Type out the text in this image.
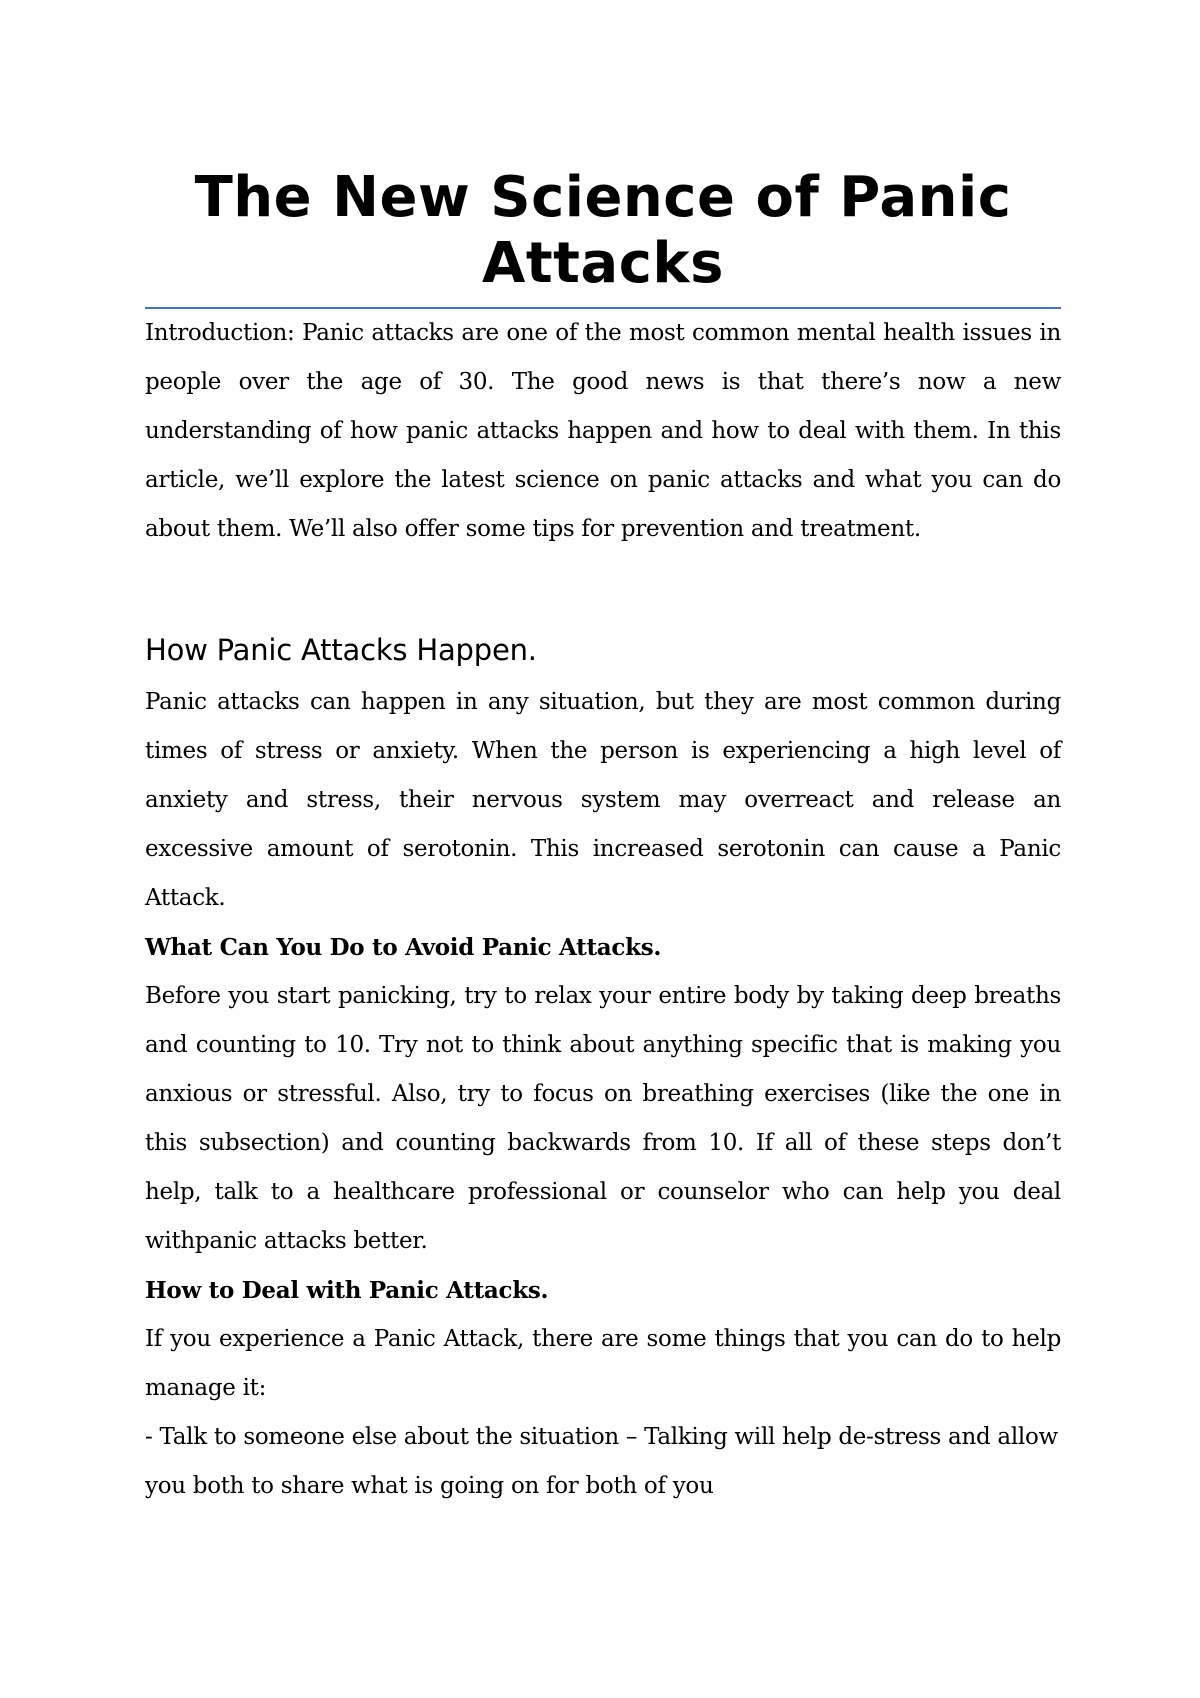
The New Science of Panic Attacks

Introduction: Panic attacks are one of the most common mental health issues in people over the age of 30. The good news is that there’s now a new understanding of how panic attacks happen and how to deal with them. In this article, we’ll explore the latest science on panic attacks and what you can do about them. We’ll also offer some tips for prevention and treatment.

How Panic Attacks Happen.

Panic attacks can happen in any situation, but they are most common during times of stress or anxiety. When the person is experiencing a high level of anxiety and stress, their nervous system may overreact and release an excessive amount of serotonin. This increased serotonin can cause a Panic Attack.

What Can You Do to Avoid Panic Attacks.

Before you start panicking, try to relax your entire body by taking deep breaths and counting to 10. Try not to think about anything specific that is making you anxious or stressful. Also, try to focus on breathing exercises (like the one in this subsection) and counting backwards from 10. If all of these steps don’t help, talk to a healthcare professional or counselor who can help you deal withpanic attacks better.

How to Deal with Panic Attacks.

If you experience a Panic Attack, there are some things that you can do to help manage it:

- Talk to someone else about the situation – Talking will help de-stress and allow you both to share what is going on for both of you
